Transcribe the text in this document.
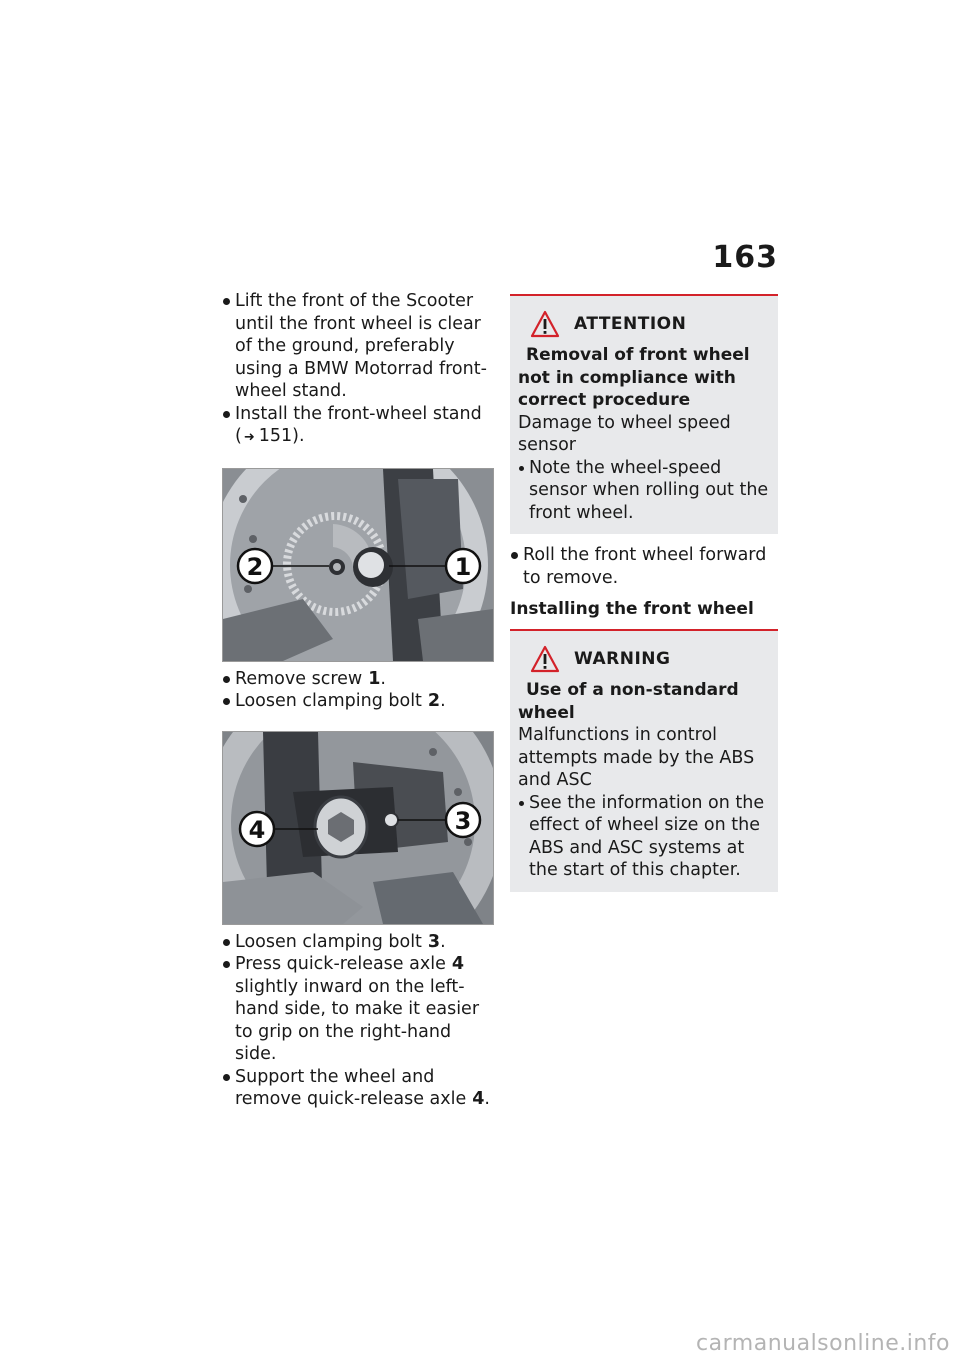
163
Lift the front of the Scooter until the front wheel is clear of the ground, preferably using a BMW Motorrad front-wheel stand.
Install the front-wheel stand ( ➜ 151).
2	1
Remove screw 1.
Loosen clamping bolt 2.
4	3
Loosen clamping bolt 3.
Press quick-release axle 4 slightly inward on the left-hand side, to make it easier to grip on the right-hand side.
Support the wheel and remove quick-release axle 4.
ATTENTION
Removal of front wheel not in compliance with correct procedure
Damage to wheel speed sensor
Note the wheel-speed sensor when rolling out the front wheel.
Roll the front wheel forward to remove.
Installing the front wheel
WARNING
Use of a non-standard wheel
Malfunctions in control attempts made by the ABS and ASC
See the information on the effect of wheel size on the ABS and ASC systems at the start of this chapter.
carmanualsonline.info
